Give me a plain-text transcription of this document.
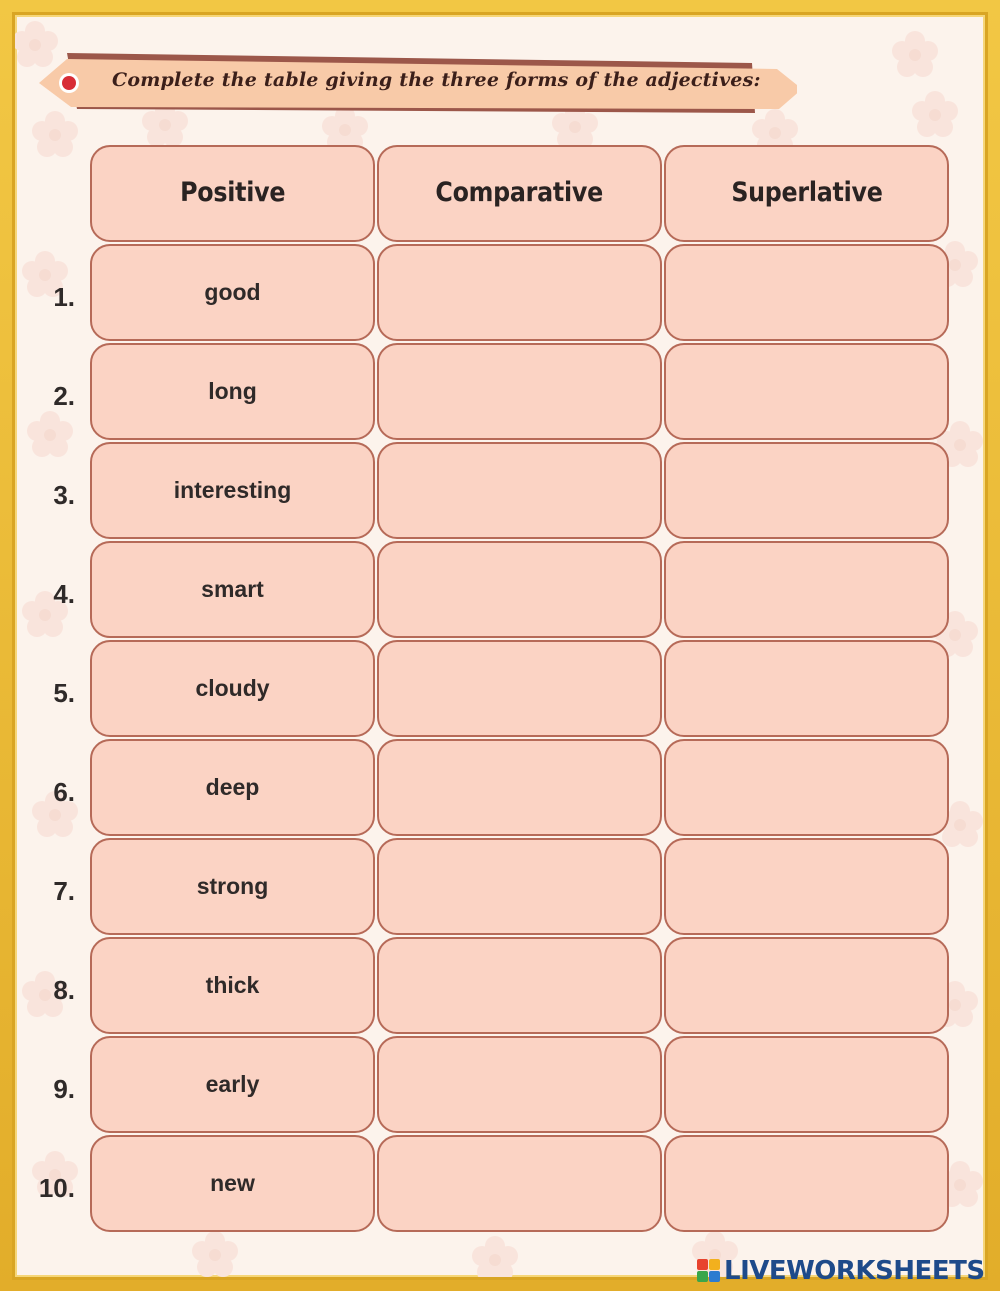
Complete the table giving the three forms of the adjectives:
Positive	Comparative	Superlative
1.	good
2.	long
3.	interesting
4.	smart
5.	cloudy
6.	deep
7.	strong
8.	thick
9.	early
10.	new
LIVEWORKSHEETS
